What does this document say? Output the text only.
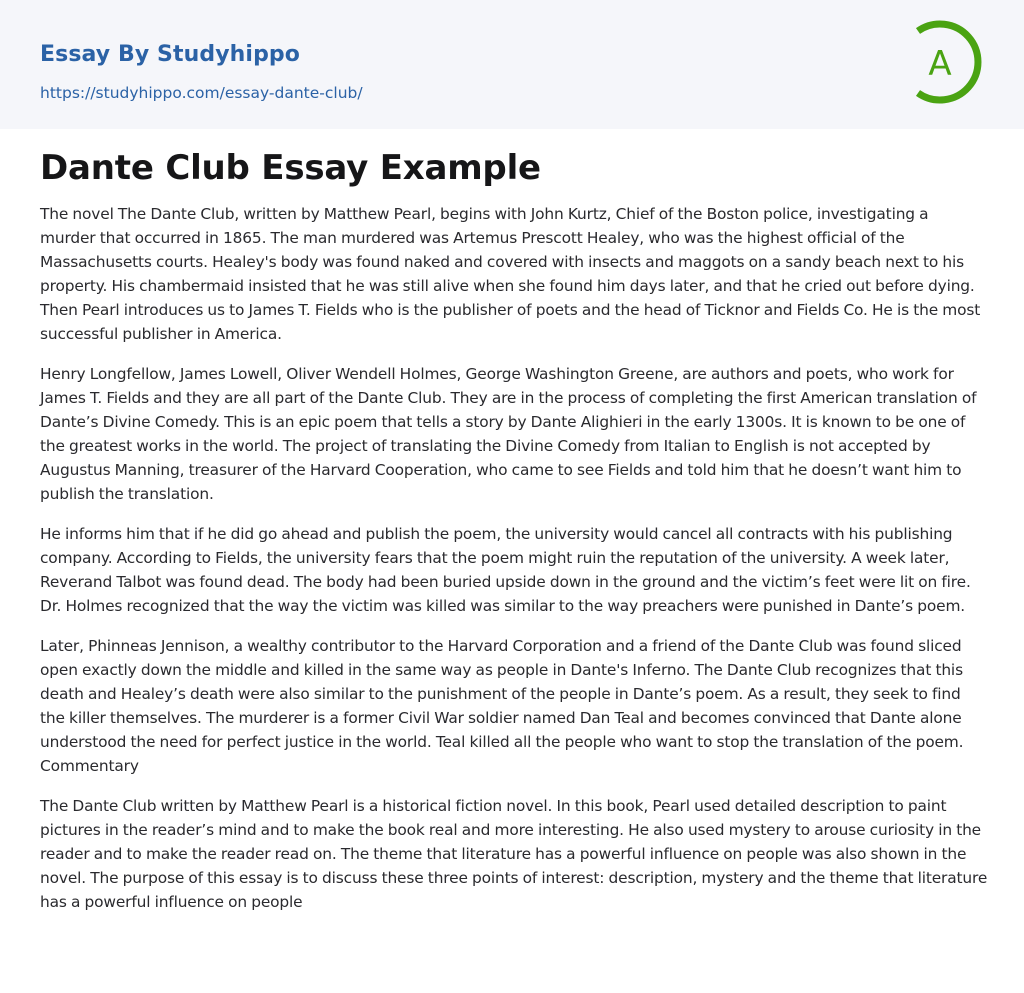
Essay By Studyhippo
https://studyhippo.com/essay-dante-club/
A
Dante Club Essay Example

The novel The Dante Club, written by Matthew Pearl, begins with John Kurtz, Chief of the Boston police, investigating a murder that occurred in 1865. The man murdered was Artemus Prescott Healey, who was the highest official of the Massachusetts courts. Healey's body was found naked and covered with insects and maggots on a sandy beach next to his property. His chambermaid insisted that he was still alive when she found him days later, and that he cried out before dying. Then Pearl introduces us to James T. Fields who is the publisher of poets and the head of Ticknor and Fields Co. He is the most successful publisher in America.

Henry Longfellow, James Lowell, Oliver Wendell Holmes, George Washington Greene, are authors and poets, who work for James T. Fields and they are all part of the Dante Club. They are in the process of completing the first American translation of Dante’s Divine Comedy. This is an epic poem that tells a story by Dante Alighieri in the early 1300s. It is known to be one of the greatest works in the world. The project of translating the Divine Comedy from Italian to English is not accepted by Augustus Manning, treasurer of the Harvard Cooperation, who came to see Fields and told him that he doesn’t want him to publish the translation.

He informs him that if he did go ahead and publish the poem, the university would cancel all contracts with his publishing company. According to Fields, the university fears that the poem might ruin the reputation of the university. A week later, Reverand Talbot was found dead. The body had been buried upside down in the ground and the victim’s feet were lit on fire. Dr. Holmes recognized that the way the victim was killed was similar to the way preachers were punished in Dante’s poem.

Later, Phinneas Jennison, a wealthy contributor to the Harvard Corporation and a friend of the Dante Club was found sliced open exactly down the middle and killed in the same way as people in Dante's Inferno. The Dante Club recognizes that this death and Healey’s death were also similar to the punishment of the people in Dante’s poem. As a result, they seek to find the killer themselves. The murderer is a former Civil War soldier named Dan Teal and becomes convinced that Dante alone understood the need for perfect justice in the world. Teal killed all the people who want to stop the translation of the poem. Commentary

The Dante Club written by Matthew Pearl is a historical fiction novel. In this book, Pearl used detailed description to paint pictures in the reader’s mind and to make the book real and more interesting. He also used mystery to arouse curiosity in the reader and to make the reader read on. The theme that literature has a powerful influence on people was also shown in the novel. The purpose of this essay is to discuss these three points of interest: description, mystery and the theme that literature has a powerful influence on people
